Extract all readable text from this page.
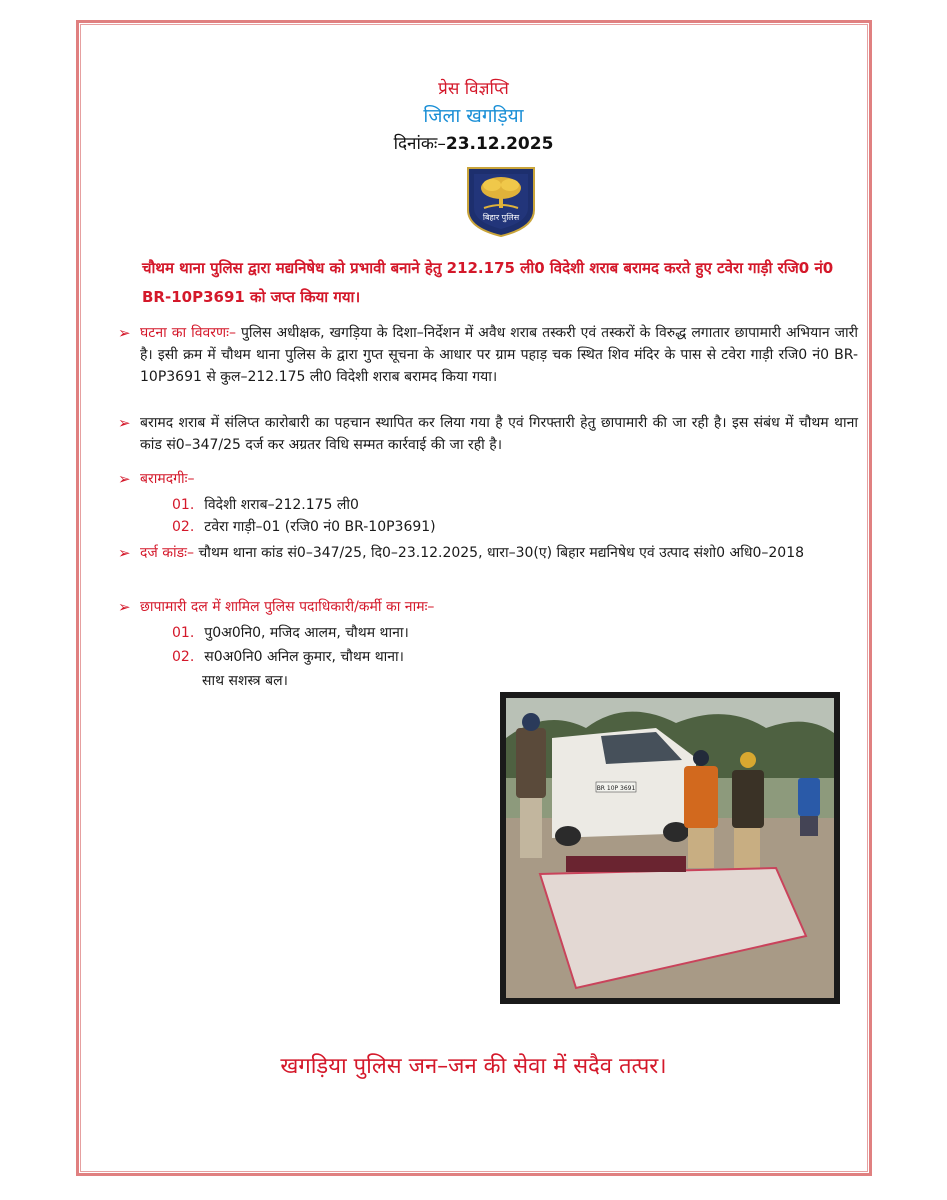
प्रेस विज्ञप्ति
जिला खगड़िया
दिनांकः–23.12.2025
बिहार पुलिस
चौथम थाना पुलिस द्वारा मद्यनिषेध को प्रभावी बनाने हेतु 212.175 ली0 विदेशी शराब बरामद करते हुए टवेरा गाड़ी रजि0 नं0 BR-10P3691 को जप्त किया गया।
➢ घटना का विवरणः– पुलिस अधीक्षक, खगड़िया के दिशा–निर्देशन में अवैध शराब तस्करी एवं तस्करों के विरुद्ध लगातार छापामारी अभियान जारी है। इसी क्रम में चौथम थाना पुलिस के द्वारा गुप्त सूचना के आधार पर ग्राम पहाड़ चक स्थित शिव मंदिर के पास से टवेरा गाड़ी रजि0 नं0 BR-10P3691 से कुल–212.175 ली0 विदेशी शराब बरामद किया गया।
➢ बरामद शराब में संलिप्त कारोबारी का पहचान स्थापित कर लिया गया है एवं गिरफ्तारी हेतु छापामारी की जा रही है। इस संबंध में चौथम थाना कांड सं0–347/25 दर्ज कर अग्रतर विधि सम्मत कार्रवाई की जा रही है।
➢ बरामदगीः–
01. विदेशी शराब–212.175 ली0
02. टवेरा गाड़ी–01 (रजि0 नं0 BR-10P3691)
➢ दर्ज कांडः– चौथम थाना कांड सं0–347/25, दि0–23.12.2025, धारा–30(ए) बिहार मद्यनिषेध एवं उत्पाद संशो0 अधि0–2018
➢ छापामारी दल में शामिल पुलिस पदाधिकारी/कर्मी का नामः–
01. पु0अ0नि0, मजिद आलम, चौथम थाना।
02. स0अ0नि0 अनिल कुमार, चौथम थाना।
साथ सशस्त्र बल।
BR 10P 3691
खगड़िया पुलिस जन–जन की सेवा में सदैव तत्पर।
